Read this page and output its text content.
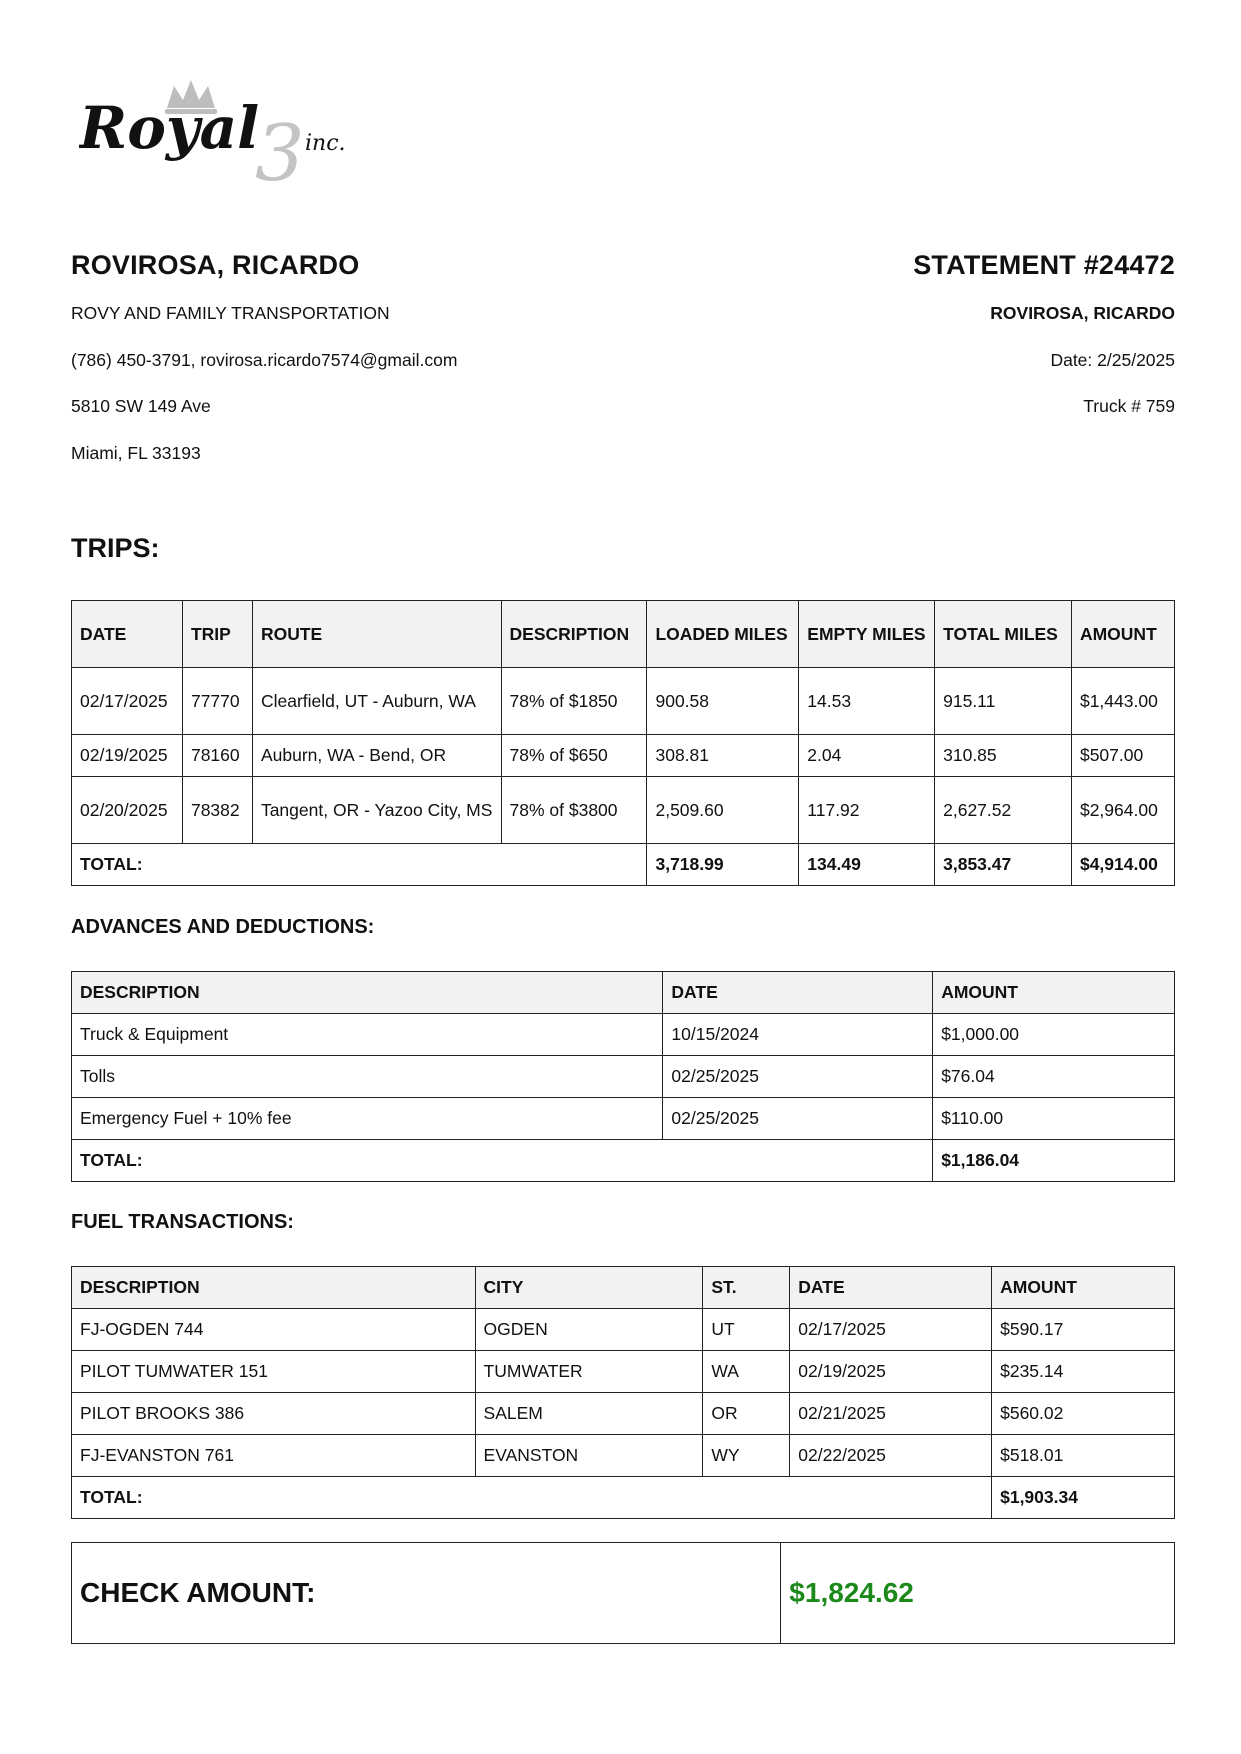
Royal
3 inc.
ROVIROSA, RICARDO
ROVY AND FAMILY TRANSPORTATION
(786) 450-3791, rovirosa.ricardo7574@gmail.com
5810 SW 149 Ave
Miami, FL 33193
STATEMENT #24472
ROVIROSA, RICARDO
Date: 2/25/2025
Truck # 759
TRIPS:
DATE	TRIP	ROUTE	DESCRIPTION	LOADED MILES	EMPTY MILES	TOTAL MILES	AMOUNT
02/17/2025	77770	Clearfield, UT - Auburn, WA	78% of $1850	900.58	14.53	915.11	$1,443.00
02/19/2025	78160	Auburn, WA - Bend, OR	78% of $650	308.81	2.04	310.85	$507.00
02/20/2025	78382	Tangent, OR - Yazoo City, MS	78% of $3800	2,509.60	117.92	2,627.52	$2,964.00
TOTAL:				3,718.99	134.49	3,853.47	$4,914.00
ADVANCES AND DEDUCTIONS:
DESCRIPTION	DATE	AMOUNT
Truck & Equipment	10/15/2024	$1,000.00
Tolls	02/25/2025	$76.04
Emergency Fuel + 10% fee	02/25/2025	$110.00
TOTAL:		$1,186.04
FUEL TRANSACTIONS:
DESCRIPTION	CITY	ST.	DATE	AMOUNT
FJ-OGDEN 744	OGDEN	UT	02/17/2025	$590.17
PILOT TUMWATER 151	TUMWATER	WA	02/19/2025	$235.14
PILOT BROOKS 386	SALEM	OR	02/21/2025	$560.02
FJ-EVANSTON 761	EVANSTON	WY	02/22/2025	$518.01
TOTAL:				$1,903.34
CHECK AMOUNT:	$1,824.62
